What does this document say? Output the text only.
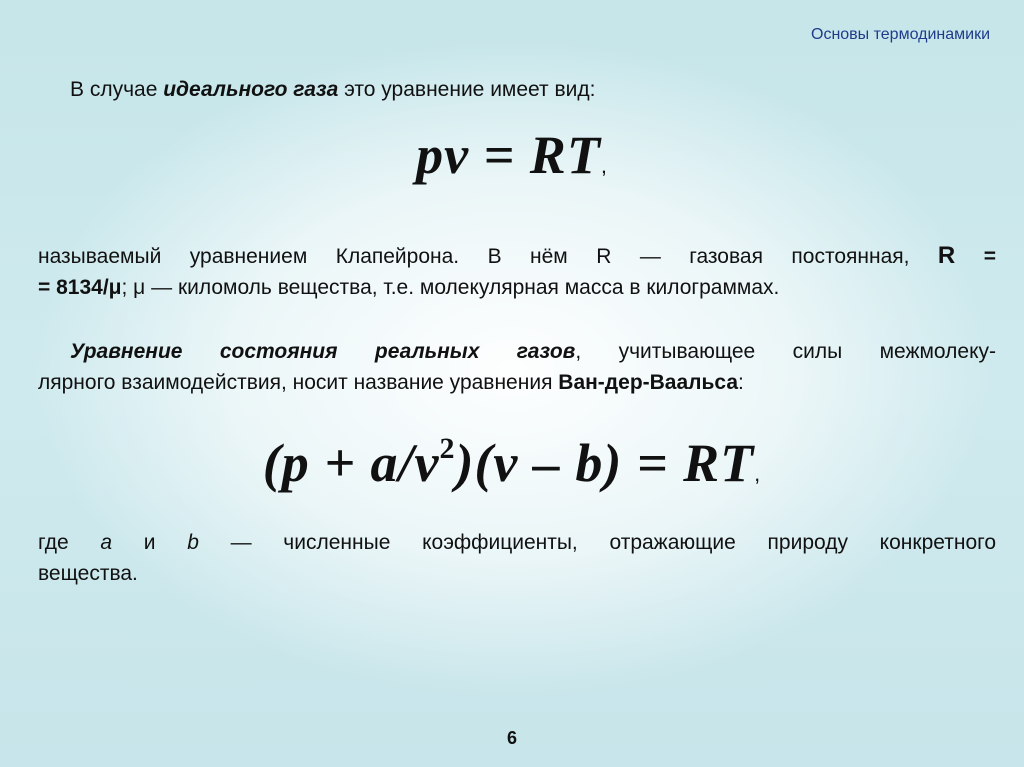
Основы термодинамики
В случае идеального газа это уравнение имеет вид:
pv = RT,
называемый уравнением Клапейрона. В нём R — газовая постоянная, R =
= 8134/μ; μ — киломоль вещества, т.е. молекулярная масса в килограммах.
Уравнение состояния реальных газов, учитывающее силы межмолеку-
лярного взаимодействия, носит название уравнения Ван-дер-Ваальса:
$(p + a/v^2)(v - b)$ = RT,
где a и b — численные коэффициенты, отражающие природу конкретного
вещества.
6
